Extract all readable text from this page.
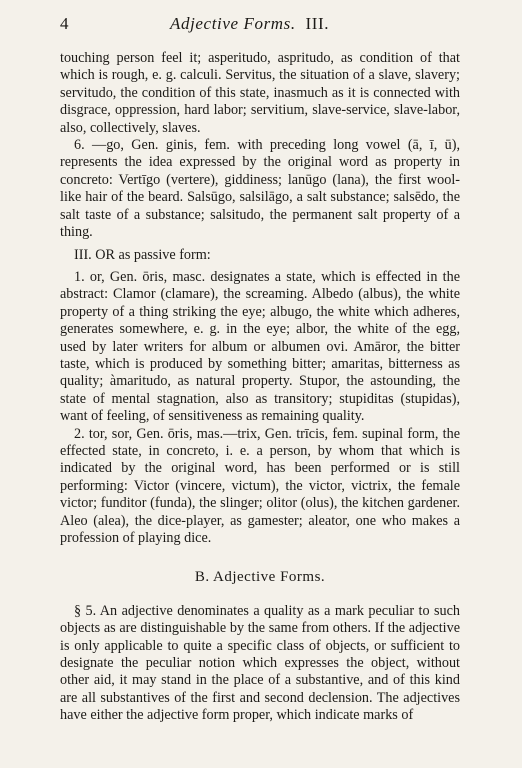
4	Adjective Forms. III.

touching person feel it; asperitudo, aspritudo, as condition of that which is rough, e. g. calculi. Servitus, the situation of a slave, slavery; servitudo, the condition of this state, inasmuch as it is connected with disgrace, oppression, hard labor; servitium, slave-service, slave-labor, also, collectively, slaves.

6. —go, Gen. ginis, fem. with preceding long vowel (ā, ī, ū), represents the idea expressed by the original word as property in concreto: Vertīgo (vertere), giddiness; lanūgo (lana), the first wool-like hair of the beard. Salsūgo, salsilāgo, a salt substance; salsēdo, the salt taste of a substance; salsitudo, the permanent salt property of a thing.

III. OR as passive form:

1. or, Gen. ōris, masc. designates a state, which is effected in the abstract: Clamor (clamare), the screaming. Albedo (albus), the white property of a thing striking the eye; albugo, the white which adheres, generates somewhere, e. g. in the eye; albor, the white of the egg, used by later writers for album or albumen ovi. Amāror, the bitter taste, which is produced by something bitter; amaritas, bitterness as quality; àmaritudo, as natural property. Stupor, the astounding, the state of mental stagnation, also as transitory; stupiditas (stupidas), want of feeling, of sensitiveness as remaining quality.

2. tor, sor, Gen. ōris, mas.—trix, Gen. trīcis, fem. supinal form, the effected state, in concreto, i. e. a person, by whom that which is indicated by the original word, has been performed or is still performing: Victor (vincere, victum), the victor, victrix, the female victor; funditor (funda), the slinger; olitor (olus), the kitchen gardener. Aleo (alea), the dice-player, as gamester; aleator, one who makes a profession of playing dice.

B. Adjective Forms.

§ 5. An adjective denominates a quality as a mark peculiar to such objects as are distinguishable by the same from others. If the adjective is only applicable to quite a specific class of objects, or sufficient to designate the peculiar notion which expresses the object, without other aid, it may stand in the place of a substantive, and of this kind are all substantives of the first and second declension. The adjectives have either the adjective form proper, which indicate marks of
